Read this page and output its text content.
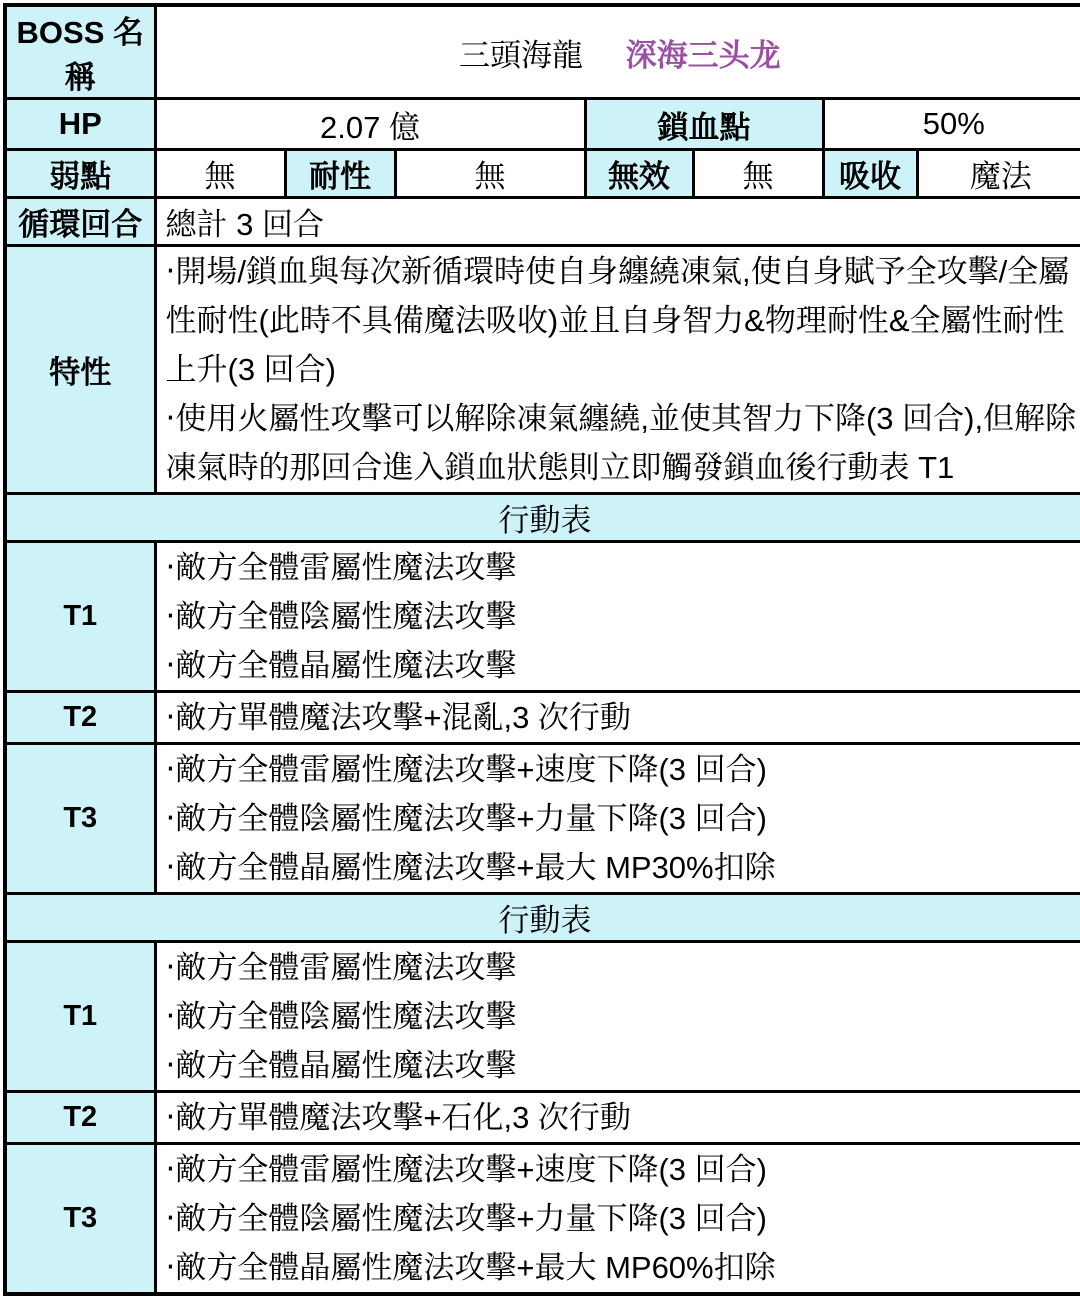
BOSS 名稱	三頭海龍 深海三头龙						
HP	2.07 億			鎖血點		50%	
弱點	無	耐性	無	無效	無	吸收	魔法
循環回合	總計 3 回合						
特性	‧開場/鎖血與每次新循環時使自身纏繞凍氣,使自身賦予全攻擊/全屬性耐性(此時不具備魔法吸收)並且自身智力&物理耐性&全屬性耐性上升(3 回合)
‧使用火屬性攻擊可以解除凍氣纏繞,並使其智力下降(3 回合),但解除凍氣時的那回合進入鎖血狀態則立即觸發鎖血後行動表 T1						

行動表							
T1	‧敵方全體雷屬性魔法攻擊
‧敵方全體陰屬性魔法攻擊
‧敵方全體晶屬性魔法攻擊						

T2	‧敵方單體魔法攻擊+混亂,3 次行動						

T3	‧敵方全體雷屬性魔法攻擊+速度下降(3 回合)
‧敵方全體陰屬性魔法攻擊+力量下降(3 回合)
‧敵方全體晶屬性魔法攻擊+最大 MP30%扣除						

行動表							
T1	‧敵方全體雷屬性魔法攻擊
‧敵方全體陰屬性魔法攻擊
‧敵方全體晶屬性魔法攻擊						

T2	‧敵方單體魔法攻擊+石化,3 次行動						

T3	‧敵方全體雷屬性魔法攻擊+速度下降(3 回合)
‧敵方全體陰屬性魔法攻擊+力量下降(3 回合)
‧敵方全體晶屬性魔法攻擊+最大 MP60%扣除						
